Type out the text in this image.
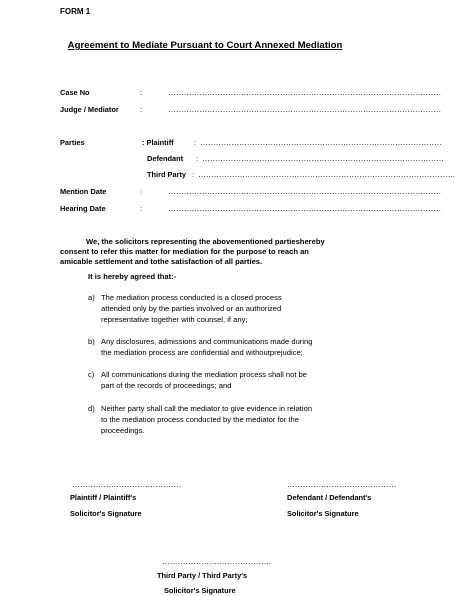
FORM 1
Agreement to Mediate Pursuant to Court Annexed Mediation
Case No	:	……………………………………………………………………………………………
Judge / Mediator	:	……………………………………………………………………………………………
Parties	: Plaintiff	: …………………………………………………………………………………
Defendant : …………………………………………………………………………………
Third Party : ………………………………………………………………………………………
Mention Date	:	……………………………………………………………………………………………
Hearing Date	:	……………………………………………………………………………………………
We, the solicitors representing the abovementioned partieshereby
consent to refer this matter for mediation for the purpose to reach an
amicable settlement and tothe satisfaction of all parties.
It is hereby agreed that:-
a) The mediation process conducted is a closed process
attended only by the parties involved or an authorized
representative together with counsel, if any;
b) Any disclosures, admissions and communications made during
the mediation process are confidential and withoutprejudice;
c) All communications during the mediation process shall not be
part of the records of proceedings; and
d) Neither party shall call the mediator to give evidence in relation
to the mediation process conducted by the mediator for the
proceedings.
……………………………………
Plaintiff / Plaintiff's
Solicitor's Signature
……………………………………
Defendant / Defendant's
Solicitor's Signature
……………………………………
Third Party / Third Party's
Solicitor's Signature
